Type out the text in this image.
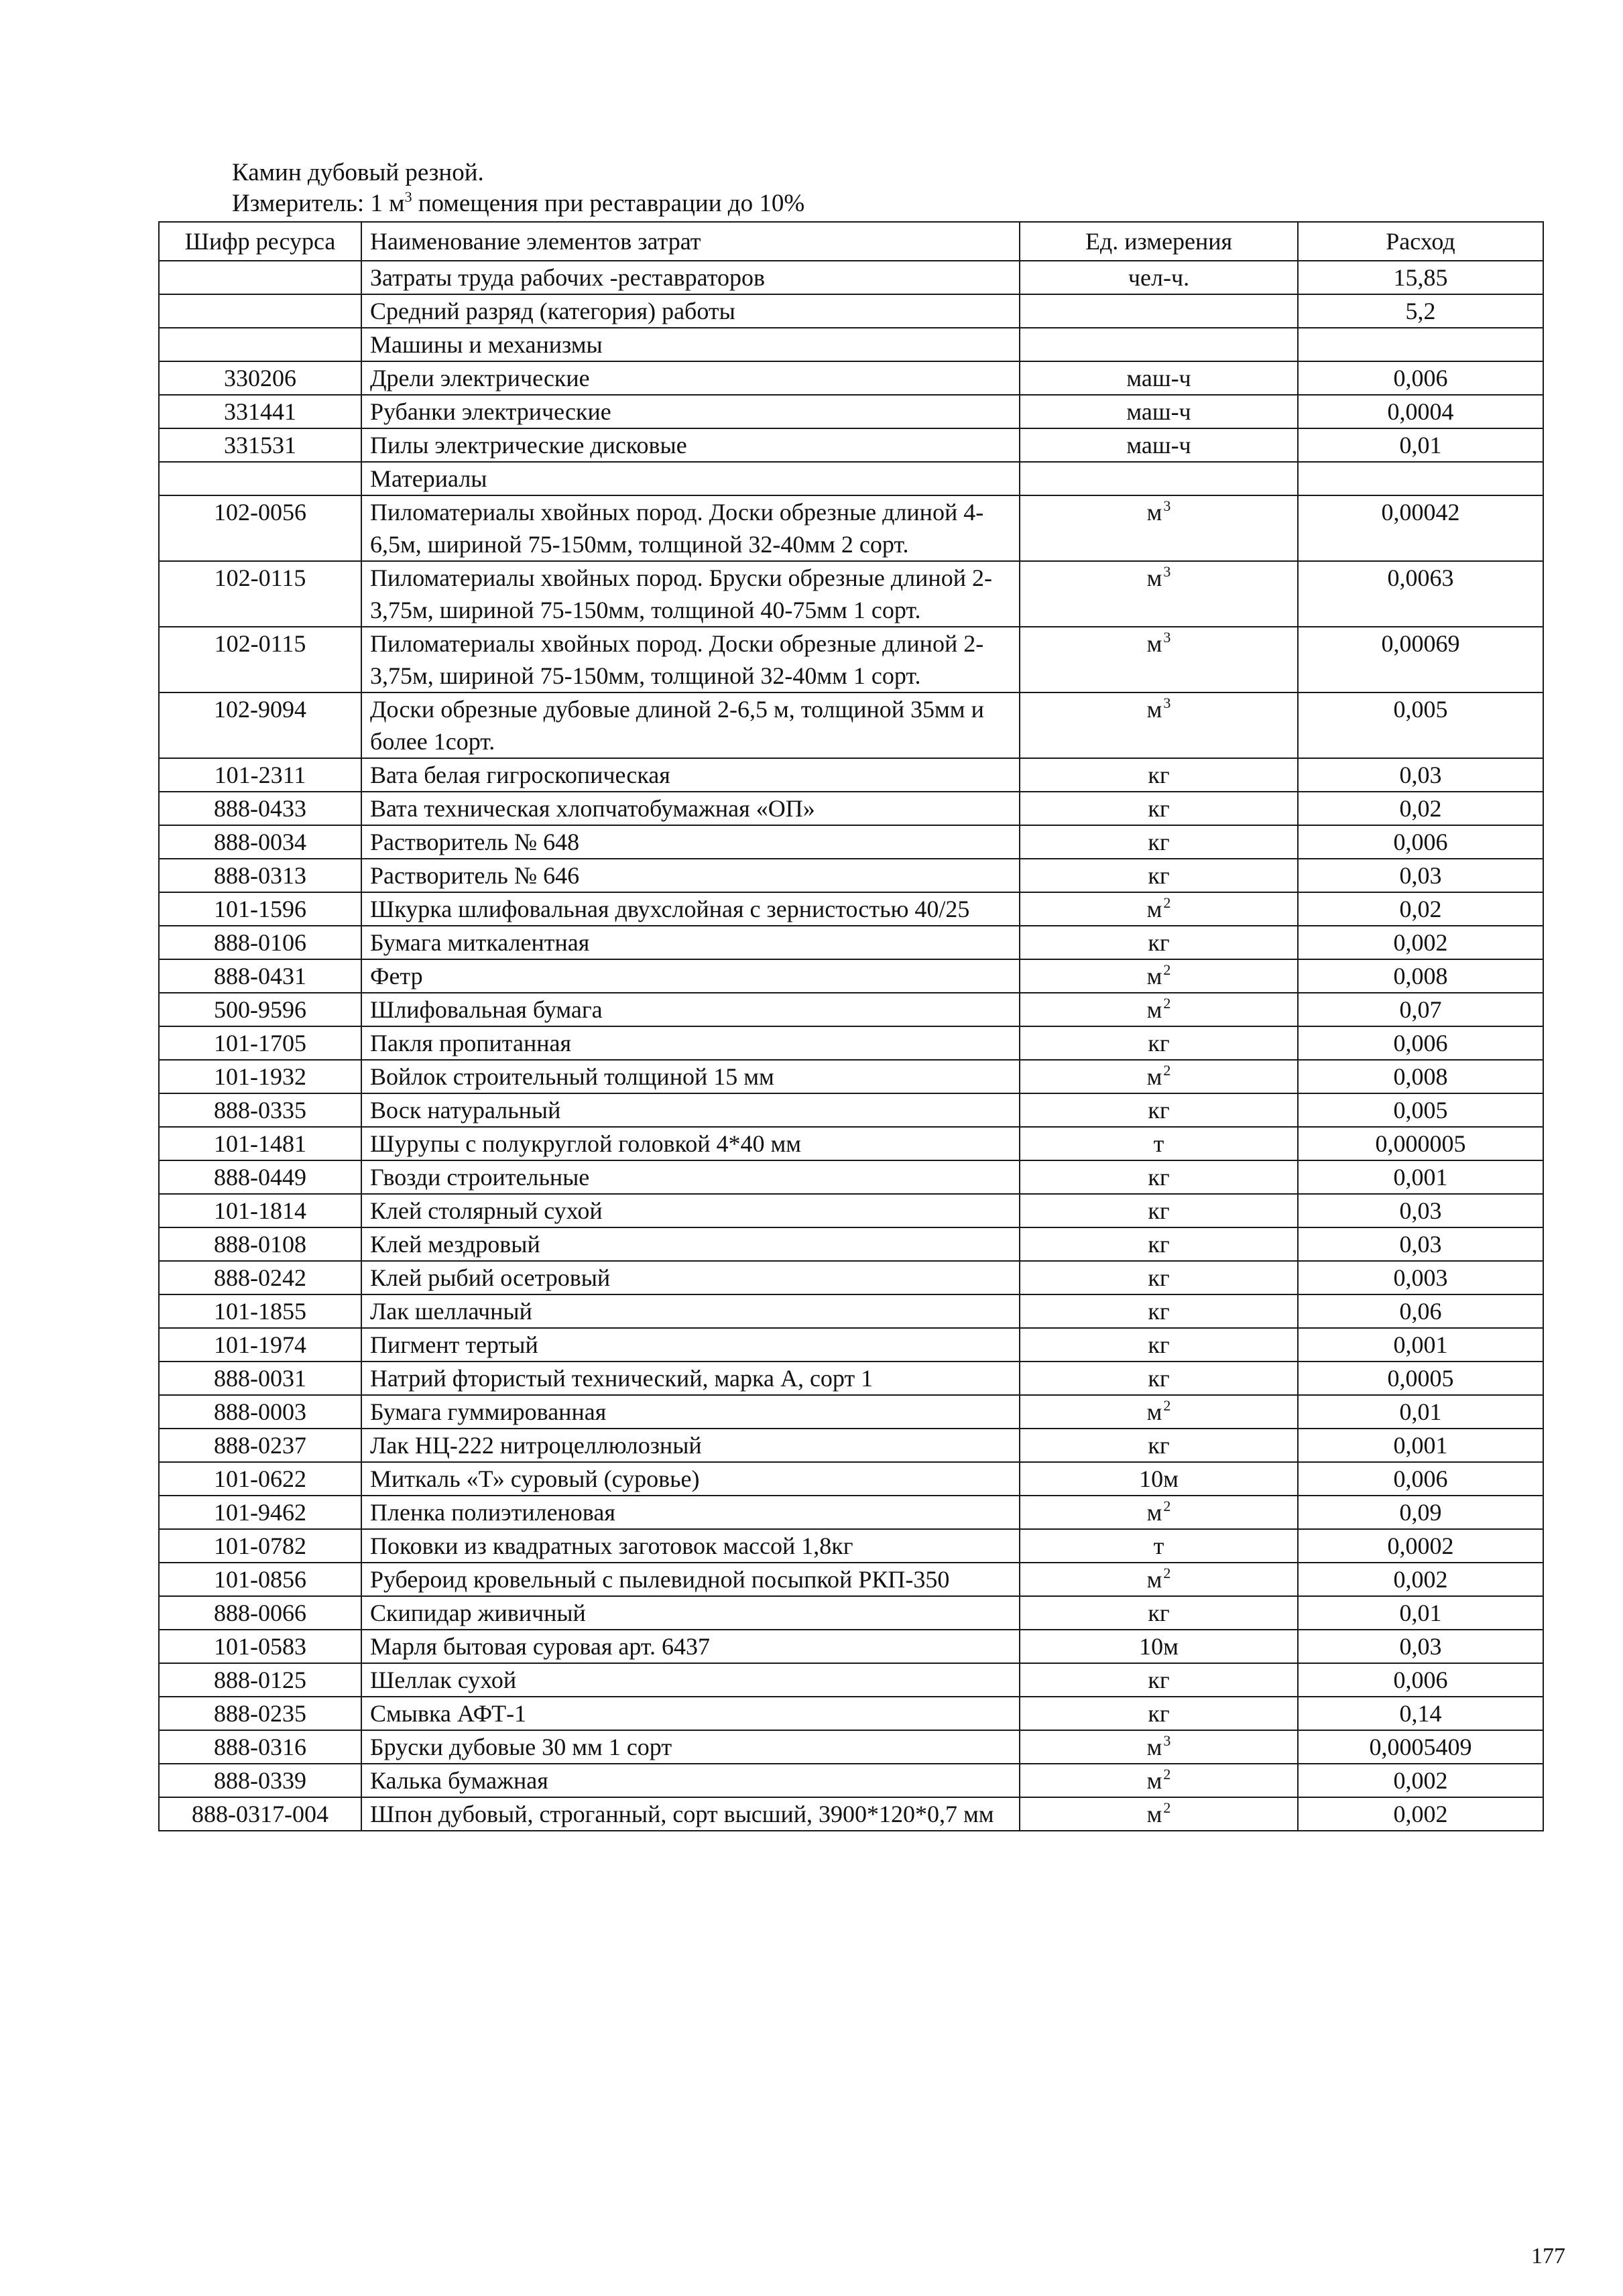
Камин дубовый резной.
Измеритель: 1 $м^3$ помещения при реставрации до 10%
Шифр ресурса	Наименование элементов затрат	Ед. измерения	Расход
	Затраты труда рабочих -реставраторов	чел-ч.	15,85
	Средний разряд (категория) работы		5,2
	Машины и механизмы		
330206	Дрели электрические	маш-ч	0,006
331441	Рубанки электрические	маш-ч	0,0004
331531	Пилы электрические дисковые	маш-ч	0,01
	Материалы		
102-0056	Пиломатериалы хвойных пород. Доски обрезные длиной 4-6,5м, шириной 75-150мм, толщиной 32-40мм 2 сорт.	$м^3$	0,00042
102-0115	Пиломатериалы хвойных пород. Бруски обрезные длиной 2-3,75м, шириной 75-150мм, толщиной 40-75мм 1 сорт.	$м^3$	0,0063
102-0115	Пиломатериалы хвойных пород. Доски обрезные длиной 2-3,75м, шириной 75-150мм, толщиной 32-40мм 1 сорт.	$м^3$	0,00069
102-9094	Доски обрезные дубовые длиной 2-6,5 м, толщиной 35мм и более 1сорт.	$м^3$	0,005
101-2311	Вата белая гигроскопическая	кг	0,03
888-0433	Вата техническая хлопчатобумажная «ОП»	кг	0,02
888-0034	Растворитель № 648	кг	0,006
888-0313	Растворитель № 646	кг	0,03
101-1596	Шкурка шлифовальная двухслойная с зернистостью 40/25	$м^2$	0,02
888-0106	Бумага миткалентная	кг	0,002
888-0431	Фетр	$м^2$	0,008
500-9596	Шлифовальная бумага	$м^2$	0,07
101-1705	Пакля пропитанная	кг	0,006
101-1932	Войлок строительный толщиной 15 мм	$м^2$	0,008
888-0335	Воск натуральный	кг	0,005
101-1481	Шурупы с полукруглой головкой 4*40 мм	т	0,000005
888-0449	Гвозди строительные	кг	0,001
101-1814	Клей столярный сухой	кг	0,03
888-0108	Клей мездровый	кг	0,03
888-0242	Клей рыбий осетровый	кг	0,003
101-1855	Лак шеллачный	кг	0,06
101-1974	Пигмент тертый	кг	0,001
888-0031	Натрий фтористый технический, марка А, сорт 1	кг	0,0005
888-0003	Бумага гуммированная	$м^2$	0,01
888-0237	Лак НЦ-222 нитроцеллюлозный	кг	0,001
101-0622	Миткаль «Т» суровый (суровье)	10м	0,006
101-9462	Пленка полиэтиленовая	$м^2$	0,09
101-0782	Поковки из квадратных заготовок массой 1,8кг	т	0,0002
101-0856	Рубероид кровельный с пылевидной посыпкой РКП-350	$м^2$	0,002
888-0066	Скипидар живичный	кг	0,01
101-0583	Марля бытовая суровая арт. 6437	10м	0,03
888-0125	Шеллак сухой	кг	0,006
888-0235	Смывка АФТ-1	кг	0,14
888-0316	Бруски дубовые 30 мм 1 сорт	$м^3$	0,0005409
888-0339	Калька бумажная	$м^2$	0,002
888-0317-004	Шпон дубовый, строганный, сорт высший, 3900*120*0,7 мм	$м^2$	0,002
177
